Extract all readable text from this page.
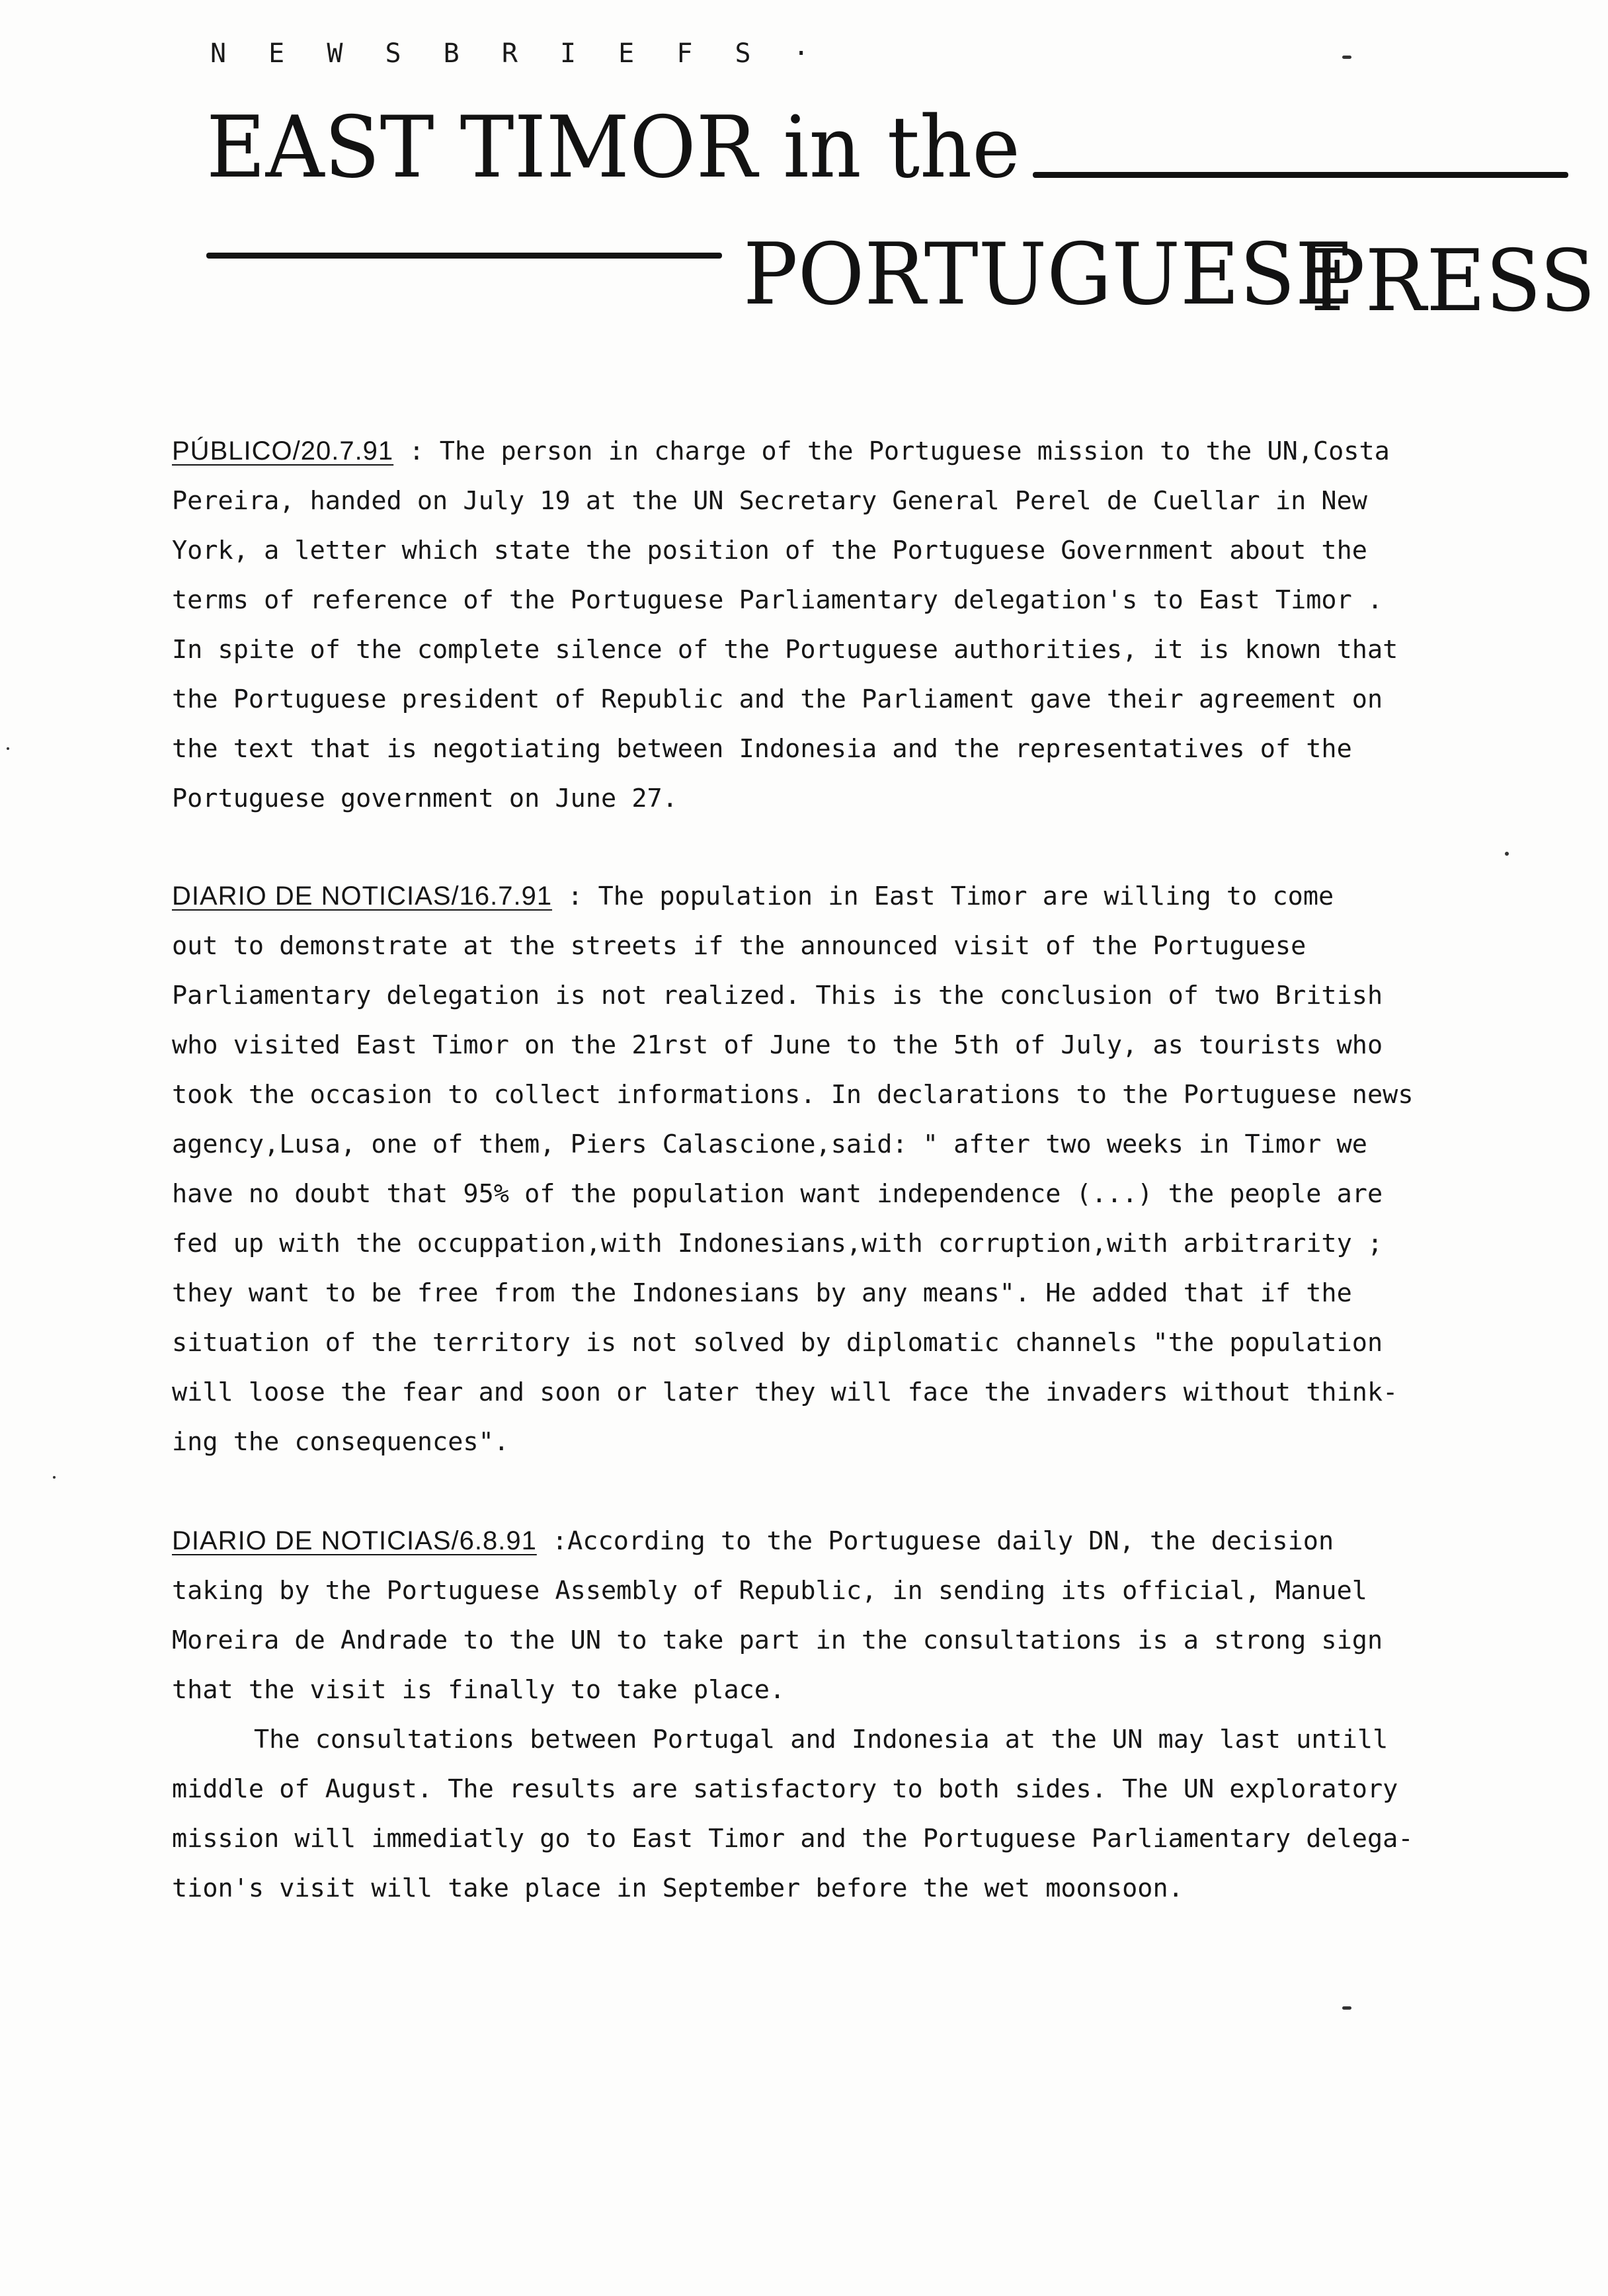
N E W S B R I E F S ·
EAST TIMOR in the
PORTUGUESE
PRESS
PÚBLICO/20.7.91 : The person in charge of the Portuguese mission to the UN,Costa
Pereira, handed on July 19 at the UN Secretary General Perel de Cuellar in New
York, a letter which state the position of the Portuguese Government about the
terms of reference of the Portuguese Parliamentary delegation's to East Timor .
In spite of the complete silence of the Portuguese authorities, it is known that
the Portuguese president of Republic and the Parliament gave their agreement on
the text that is negotiating between Indonesia and the representatives of the
Portuguese government on June 27.
DIARIO DE NOTICIAS/16.7.91 : The population in East Timor are willing to come
out to demonstrate at the streets if the announced visit of the Portuguese
Parliamentary delegation is not realized. This is the conclusion of two British
who visited East Timor on the 21rst of June to the 5th of July, as tourists who
took the occasion to collect informations. In declarations to the Portuguese news
agency,Lusa, one of them, Piers Calascione,said: " after two weeks in Timor we
have no doubt that 95% of the population want independence (...) the people are
fed up with the occuppation,with Indonesians,with corruption,with arbitrarity ;
they want to be free from the Indonesians by any means". He added that if the
situation of the territory is not solved by diplomatic channels "the population
will loose the fear and soon or later they will face the invaders without think-
ing the consequences".
DIARIO DE NOTICIAS/6.8.91 :According to the Portuguese daily DN, the decision
taking by the Portuguese Assembly of Republic, in sending its official, Manuel
Moreira de Andrade to the UN to take part in the consultations is a strong sign
that the visit is finally to take place.
The consultations between Portugal and Indonesia at the UN may last untill
middle of August. The results are satisfactory to both sides. The UN exploratory
mission will immediatly go to East Timor and the Portuguese Parliamentary delega-
tion's visit will take place in September before the wet moonsoon.
